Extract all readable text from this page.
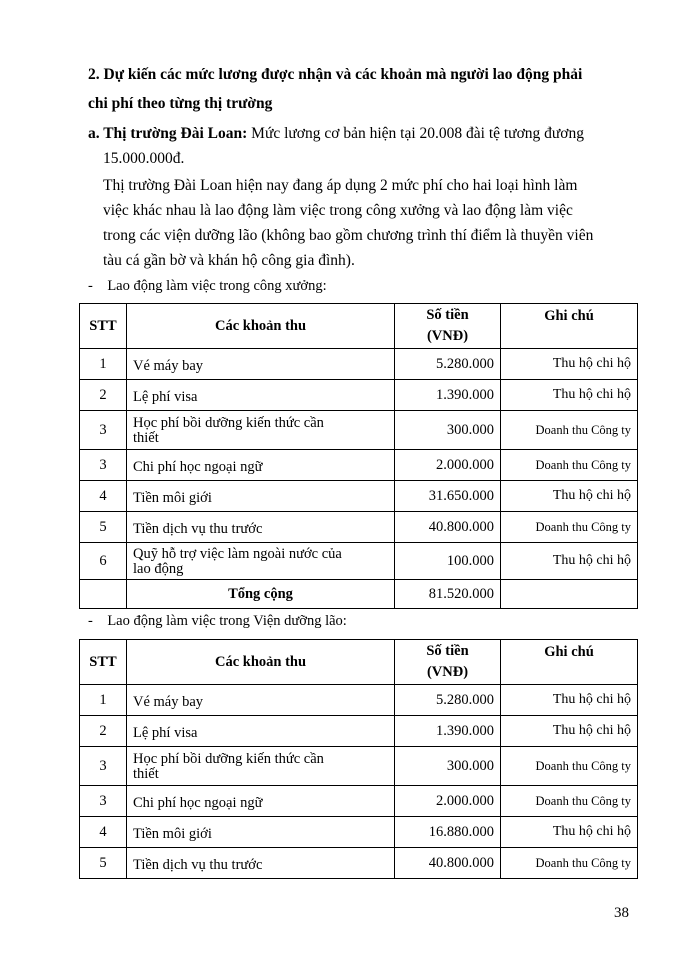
2. Dự kiến các mức lương được nhận và các khoản mà người lao động phải
chi phí theo từng thị trường
a. Thị trường Đài Loan: Mức lương cơ bản hiện tại 20.008 đài tệ tương đương
15.000.000đ.
Thị trường Đài Loan hiện nay đang áp dụng 2 mức phí cho hai loại hình làm
việc khác nhau là lao động làm việc trong công xưởng và lao động làm việc
trong các viện dưỡng lão (không bao gồm chương trình thí điểm là thuyền viên
tàu cá gần bờ và khán hộ công gia đình).
-    Lao động làm việc trong công xưởng:
STT	Các khoản thu	Số tiền
(VNĐ)	Ghi chú
1	Vé máy bay	5.280.000	Thu hộ chi hộ
2	Lệ phí visa	1.390.000	Thu hộ chi hộ
3	Học phí bồi dưỡng kiến thức cần
thiết	300.000	Doanh thu Công ty
3	Chi phí học ngoại ngữ	2.000.000	Doanh thu Công ty
4	Tiền môi giới	31.650.000	Thu hộ chi hộ
5	Tiền dịch vụ thu trước	40.800.000	Doanh thu Công ty
6	Quỹ hỗ trợ việc làm ngoài nước của
lao động	100.000	Thu hộ chi hộ
	Tổng cộng	81.520.000	
-    Lao động làm việc trong Viện dưỡng lão:
STT	Các khoản thu	Số tiền
(VNĐ)	Ghi chú
1	Vé máy bay	5.280.000	Thu hộ chi hộ
2	Lệ phí visa	1.390.000	Thu hộ chi hộ
3	Học phí bồi dưỡng kiến thức cần
thiết	300.000	Doanh thu Công ty
3	Chi phí học ngoại ngữ	2.000.000	Doanh thu Công ty
4	Tiền môi giới	16.880.000	Thu hộ chi hộ
5	Tiền dịch vụ thu trước	40.800.000	Doanh thu Công ty
38
